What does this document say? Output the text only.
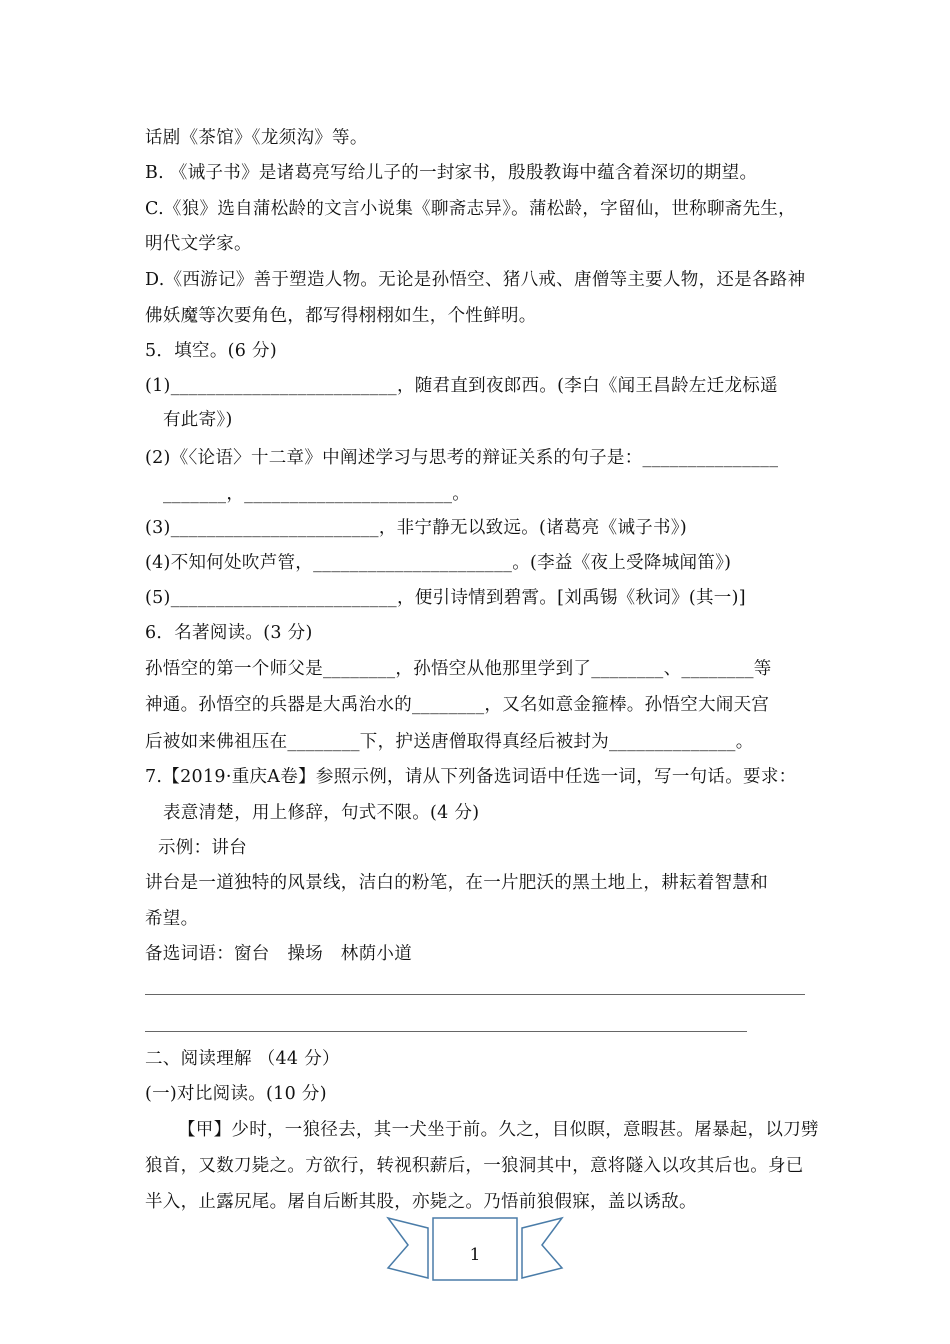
话剧《茶馆》《龙须沟》等。
B. 《诫子书》是诸葛亮写给儿子的一封家书，殷殷教诲中蕴含着深切的期望。
C.《狼》选自蒲松龄的文言小说集《聊斋志异》。蒲松龄，字留仙，世称聊斋先生，
明代文学家。
D.《西游记》善于塑造人物。无论是孙悟空、猪八戒、唐僧等主要人物，还是各路神
佛妖魔等次要角色，都写得栩栩如生，个性鲜明。
5．填空。(6 分)
(1)_________________________，随君直到夜郎西。(李白《闻王昌龄左迁龙标遥
有此寄》)
(2)《〈论语〉十二章》中阐述学习与思考的辩证关系的句子是：_______________
_______，_______________________。
(3)_______________________，非宁静无以致远。(诸葛亮《诫子书》)
(4)不知何处吹芦管，______________________。(李益《夜上受降城闻笛》)
(5)_________________________，便引诗情到碧霄。[刘禹锡《秋词》(其一)]
6．名著阅读。(3 分)
孙悟空的第一个师父是________，孙悟空从他那里学到了________、________等
神通。孙悟空的兵器是大禹治水的________，又名如意金箍棒。孙悟空大闹天宫
后被如来佛祖压在________下，护送唐僧取得真经后被封为______________。
7.【2019·重庆A卷】参照示例，请从下列备选词语中任选一词，写一句话。要求：
表意清楚，用上修辞，句式不限。(4 分)
示例：讲台
讲台是一道独特的风景线，洁白的粉笔，在一片肥沃的黑土地上，耕耘着智慧和
希望。
备选词语：窗台　操场　林荫小道
二、阅读理解 （44 分）
(一)对比阅读。(10 分)
【甲】少时，一狼径去，其一犬坐于前。久之，目似瞑，意暇甚。屠暴起，以刀劈
狼首，又数刀毙之。方欲行，转视积薪后，一狼洞其中，意将隧入以攻其后也。身已
半入，止露尻尾。屠自后断其股，亦毙之。乃悟前狼假寐，盖以诱敌。
1
